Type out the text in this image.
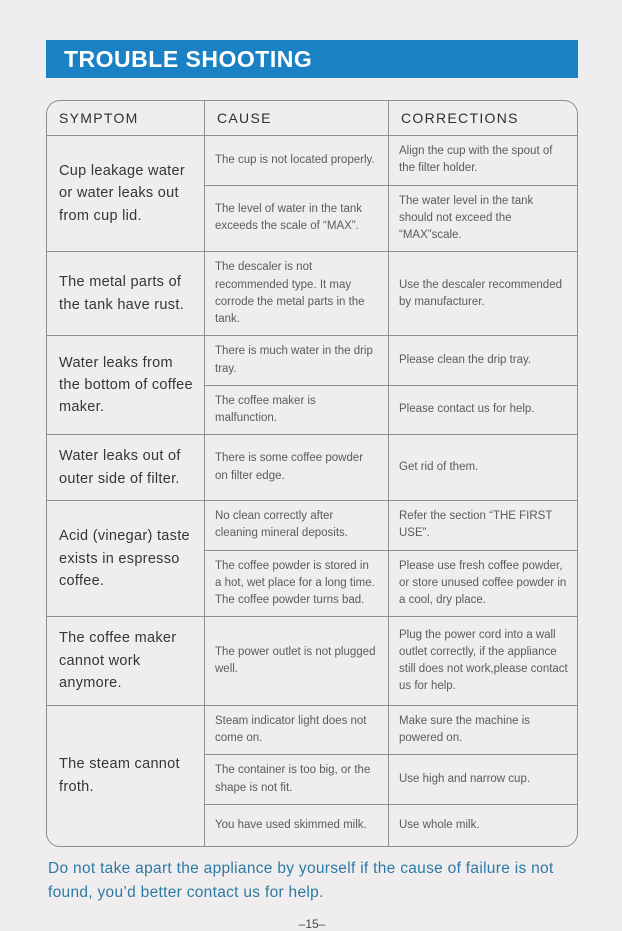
TROUBLE SHOOTING
SYMPTOM	CAUSE	CORRECTIONS
Cup leakage water or water leaks out from cup lid.	The cup is not located properly.	Align the cup with the spout of the filter holder.
	The level of water in the tank exceeds the scale of “MAX”.	The water level in the tank should not exceed the “MAX”scale.
The metal parts of the tank have rust.	The descaler is not recommended type. It may corrode the metal parts in the tank.	Use the descaler recommended by manufacturer.
Water leaks from the bottom of coffee maker.	There is much water in the drip tray.	Please clean the drip tray.
	The coffee maker is malfunction.	Please contact us for help.
Water leaks out of outer side of filter.	There is some coffee powder on filter edge.	Get rid of them.
Acid (vinegar) taste exists in espresso coffee.	No clean correctly after cleaning mineral deposits.	Refer the section “THE FIRST USE”.
	The coffee powder is stored in a hot, wet place for a long time. The coffee powder turns bad.	Please use fresh coffee powder, or store unused coffee powder in a cool, dry place.
The coffee maker cannot work anymore.	The power outlet is not plugged well.	Plug the power cord into a wall outlet correctly, if the appliance still does not work,please contact us for help.
The steam cannot froth.	Steam indicator light does not come on.	Make sure the machine is powered on.
	The container is too big, or the shape is not fit.	Use high and narrow cup.
	You have used skimmed milk.	Use whole milk.
Do not take apart the appliance by yourself if the cause of failure is not found, you’d better contact us for help.
–15–
